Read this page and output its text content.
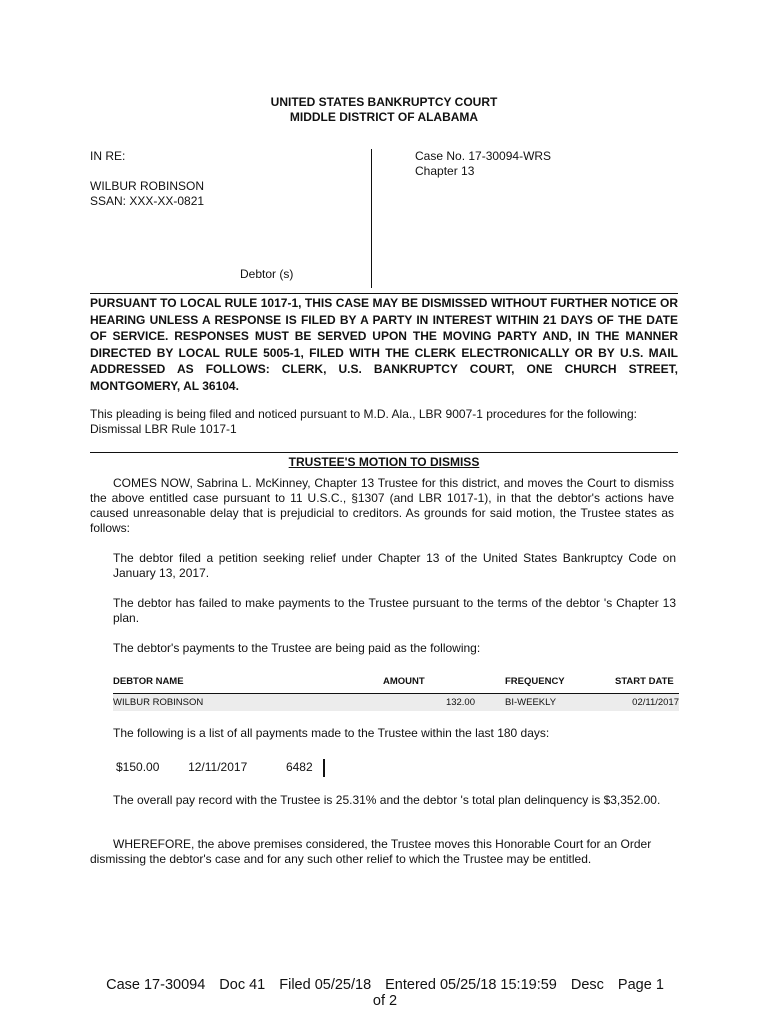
UNITED STATES BANKRUPTCY COURT
MIDDLE DISTRICT OF ALABAMA
IN RE:
WILBUR ROBINSON
SSAN: XXX-XX-0821
Case No. 17-30094-WRS
Chapter 13
Debtor (s)
PURSUANT TO LOCAL RULE 1017-1, THIS CASE MAY BE DISMISSED WITHOUT FURTHER NOTICE OR HEARING UNLESS A RESPONSE IS FILED BY A PARTY IN INTEREST WITHIN 21 DAYS OF THE DATE OF SERVICE. RESPONSES MUST BE SERVED UPON THE MOVING PARTY AND, IN THE MANNER DIRECTED BY LOCAL RULE 5005-1, FILED WITH THE CLERK ELECTRONICALLY OR BY U.S. MAIL ADDRESSED AS FOLLOWS: CLERK, U.S. BANKRUPTCY COURT, ONE CHURCH STREET, MONTGOMERY, AL 36104.
This pleading is being filed and noticed pursuant to M.D. Ala., LBR 9007-1 procedures for the following:
Dismissal LBR Rule 1017-1
TRUSTEE'S MOTION TO DISMISS
COMES NOW, Sabrina L. McKinney, Chapter 13 Trustee for this district, and moves the Court to dismiss the above entitled case pursuant to 11 U.S.C., §1307 (and LBR 1017-1), in that the debtor's actions have caused unreasonable delay that is prejudicial to creditors. As grounds for said motion, the Trustee states as follows:
The debtor filed a petition seeking relief under Chapter 13 of the United States Bankruptcy Code on January 13, 2017.
The debtor has failed to make payments to the Trustee pursuant to the terms of the debtor 's Chapter 13 plan.
The debtor's payments to the Trustee are being paid as the following:
DEBTOR NAME	AMOUNT	FREQUENCY	START DATE
WILBUR ROBINSON	132.00	BI-WEEKLY	02/11/2017
The following is a list of all payments made to the Trustee within the last 180 days:
$150.00 12/11/2017	6482
The overall pay record with the Trustee is 25.31% and the debtor 's total plan delinquency is $3,352.00.
WHEREFORE, the above premises considered, the Trustee moves this Honorable Court for an Order dismissing the debtor's case and for any such other relief to which the Trustee may be entitled.
Case 17-30094 Doc 41 Filed 05/25/18 Entered 05/25/18 15:19:59 Desc Page 1
of 2
